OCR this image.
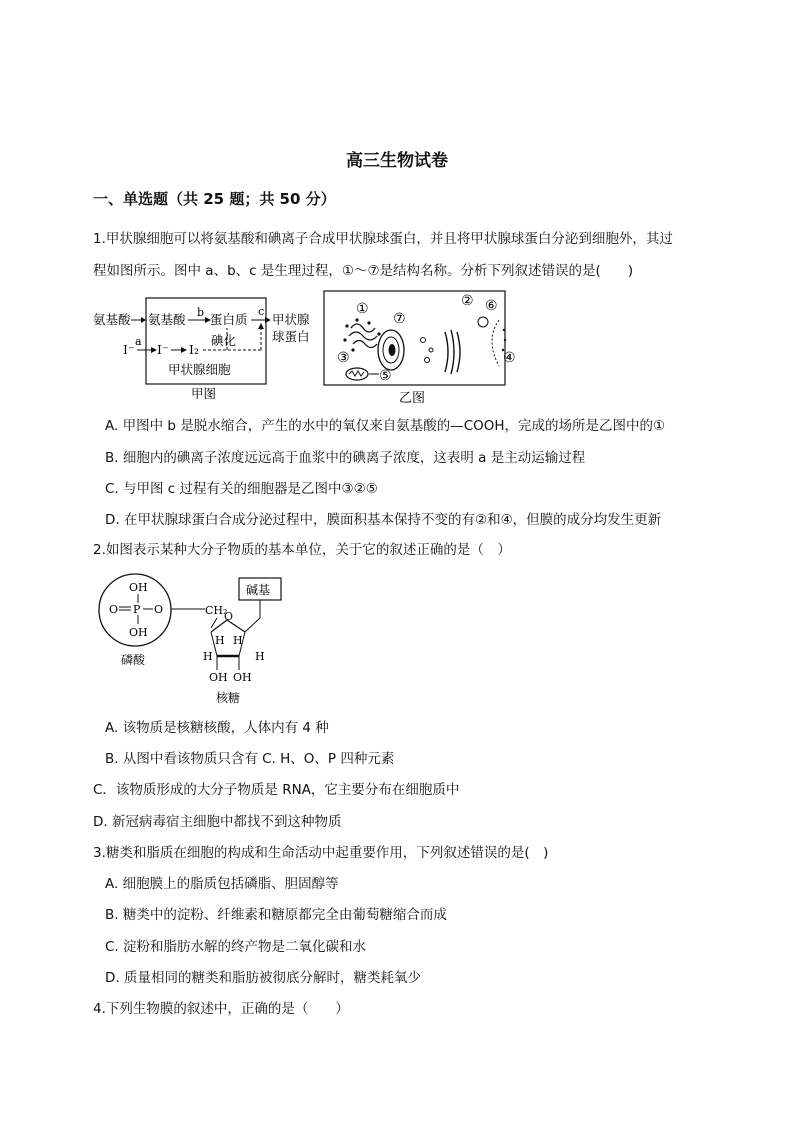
高三生物试卷
一、单选题（共 25 题；共 50 分）
1.甲状腺细胞可以将氨基酸和碘离子合成甲状腺球蛋白，并且将甲状腺球蛋白分泌到细胞外，其过
程如图所示。图中 a、b、c 是生理过程，①～⑦是结构名称。分析下列叙述错误的是(　　)
氨基酸 氨基酸 b 蛋白质
c
甲状腺
球蛋白
I⁻
a
I⁻ I₂
碘化
甲状腺细胞
甲图
①	②
③	④
⑤
⑥
⑦
乙图
A. 甲图中 b 是脱水缩合，产生的水中的氧仅来自氨基酸的—COOH，完成的场所是乙图中的①
B. 细胞内的碘离子浓度远远高于血浆中的碘离子浓度，这表明 a 是主动运输过程
C. 与甲图 c 过程有关的细胞器是乙图中③②⑤
D. 在甲状腺球蛋白合成分泌过程中，膜面积基本保持不变的有②和④，但膜的成分均发生更新
2.如图表示某种大分子物质的基本单位，关于它的叙述正确的是（　）
OH
O P O
OH
磷酸
CH₂
O
碱基
H H
H	H
OH OH
核糖
A. 该物质是核糖核酸，人体内有 4 种
B. 从图中看该物质只含有 C. H、O、P 四种元素
C．该物质形成的大分子物质是 RNA，它主要分布在细胞质中
D. 新冠病毒宿主细胞中都找不到这种物质
3.糖类和脂质在细胞的构成和生命活动中起重要作用，下列叙述错误的是(　)
A. 细胞膜上的脂质包括磷脂、胆固醇等
B. 糖类中的淀粉、纤维素和糖原都完全由葡萄糖缩合而成
C. 淀粉和脂肪水解的终产物是二氧化碳和水
D. 质量相同的糖类和脂肪被彻底分解时，糖类耗氧少
4.下列生物膜的叙述中，正确的是（　　）
